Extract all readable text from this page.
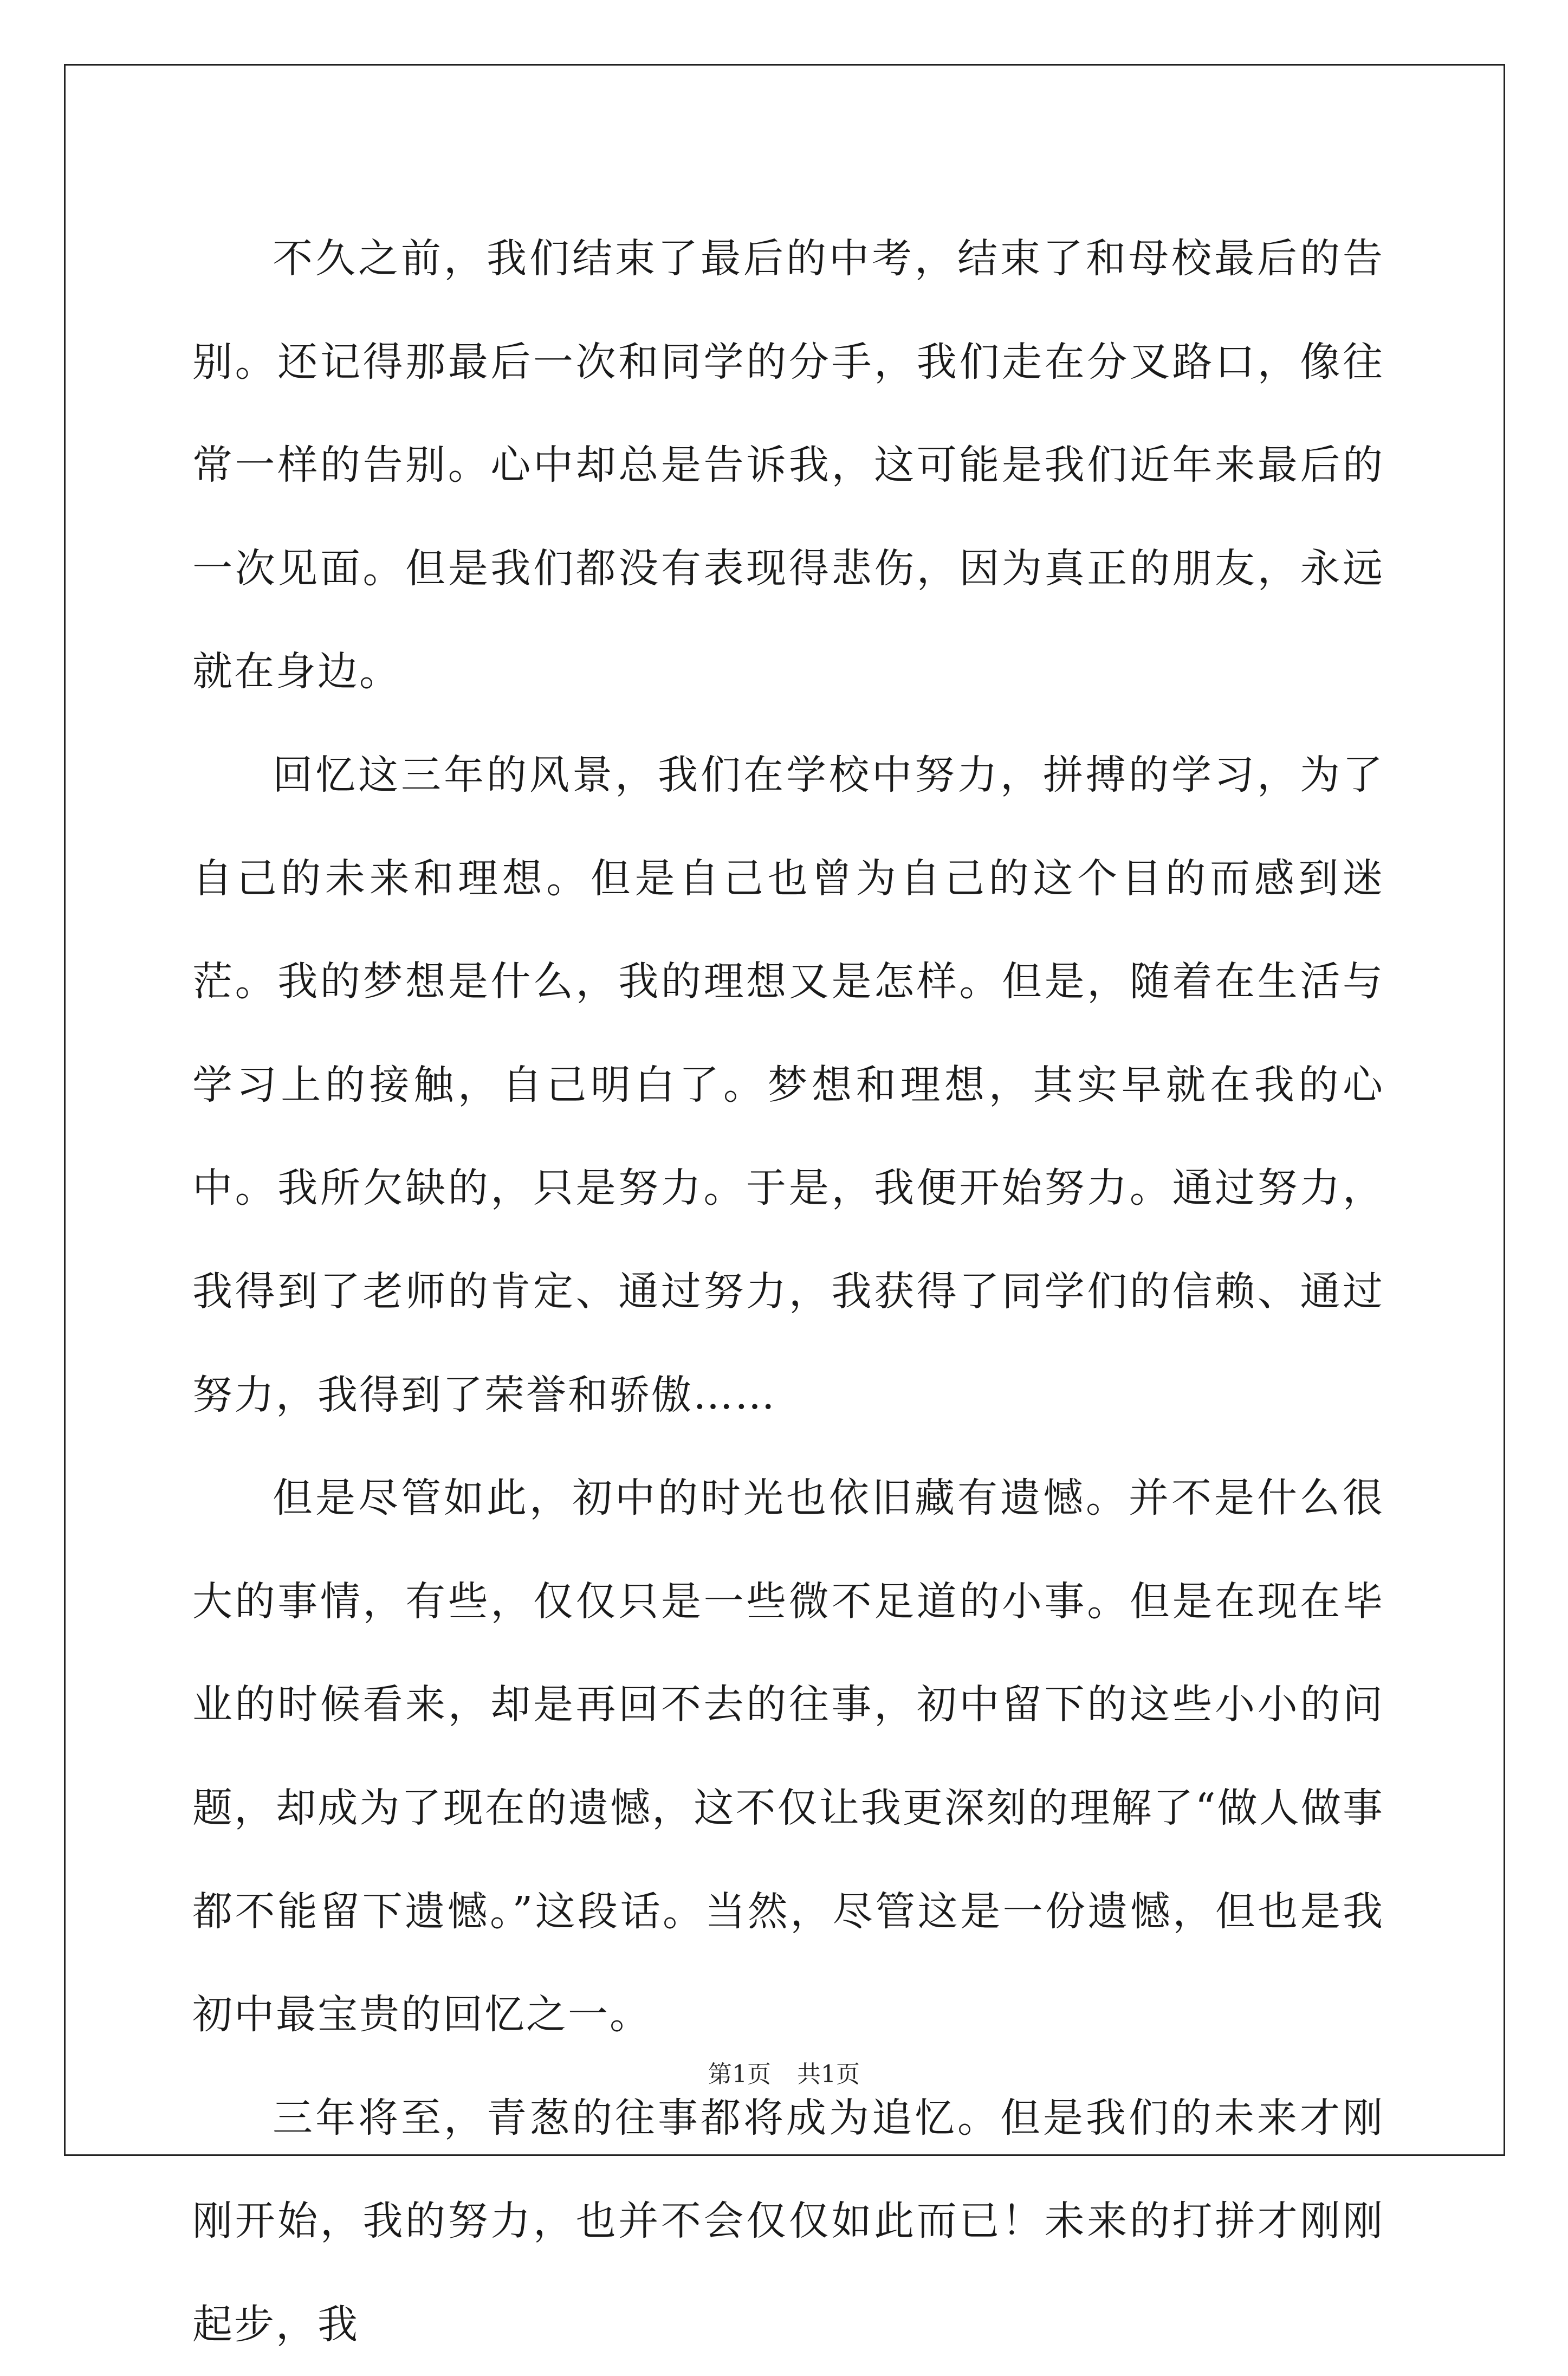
不久之前，我们结束了最后的中考，结束了和母校最后的告别。还记得那最后一次和同学的分手，我们走在分叉路口，像往常一样的告别。心中却总是告诉我，这可能是我们近年来最后的一次见面。但是我们都没有表现得悲伤，因为真正的朋友，永远就在身边。

回忆这三年的风景，我们在学校中努力，拼搏的学习，为了自己的未来和理想。但是自己也曾为自己的这个目的而感到迷茫。我的梦想是什么，我的理想又是怎样。但是，随着在生活与学习上的接触，自己明白了。梦想和理想，其实早就在我的心中。我所欠缺的，只是努力。于是，我便开始努力。通过努力，我得到了老师的肯定、通过努力，我获得了同学们的信赖、通过努力，我得到了荣誉和骄傲……

但是尽管如此，初中的时光也依旧藏有遗憾。并不是什么很大的事情，有些，仅仅只是一些微不足道的小事。但是在现在毕业的时候看来，却是再回不去的往事，初中留下的这些小小的问题，却成为了现在的遗憾，这不仅让我更深刻的理解了“做人做事都不能留下遗憾。”这段话。当然，尽管这是一份遗憾，但也是我初中最宝贵的回忆之一。

三年将至，青葱的往事都将成为追忆。但是我们的未来才刚刚开始，我的努力，也并不会仅仅如此而已！未来的打拼才刚刚起步，我

第1页 共1页
